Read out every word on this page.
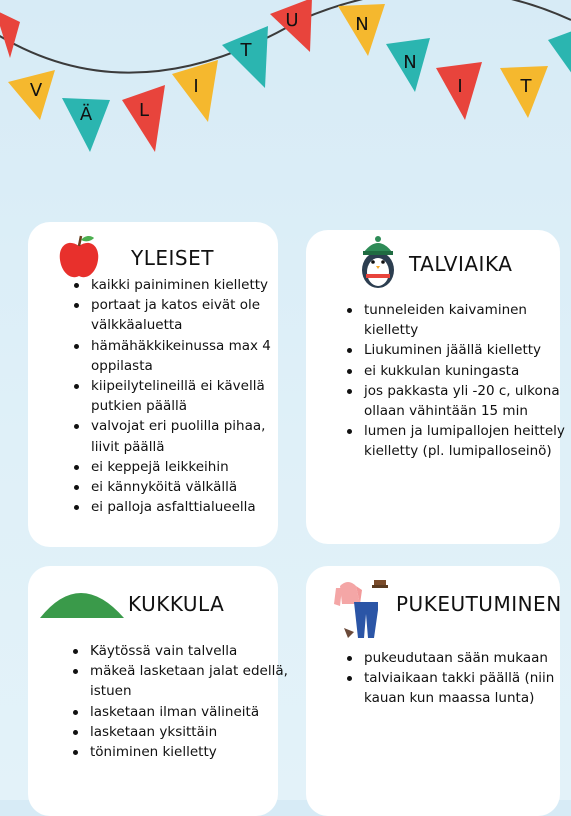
V
Ä	L
I
T
U	N
N
I	T
YLEISET
kaikki painiminen kielletty
portaat ja katos eivät ole välkkäaluetta
hämähäkkikeinussa max 4 oppilasta
kiipeilytelineillä ei kävellä putkien päällä
valvojat eri puolilla pihaa, liivit päällä
ei keppejä leikkeihin
ei kännyköitä välkällä
ei palloja asfalttialueella
TALVIAIKA
tunneleiden kaivaminen kielletty
Liukuminen jäällä kielletty
ei kukkulan kuningasta
jos pakkasta yli -20 c, ulkona ollaan vähintään 15 min
lumen ja lumipallojen heittely kielletty (pl. lumipalloseinö)
KUKKULA
Käytössä vain talvella
mäkeä lasketaan jalat edellä, istuen
lasketaan ilman välineitä
lasketaan yksittäin
töniminen kielletty
PUKEUTUMINEN
pukeudutaan sään mukaan
talviaikaan takki päällä (niin kauan kun maassa lunta)
